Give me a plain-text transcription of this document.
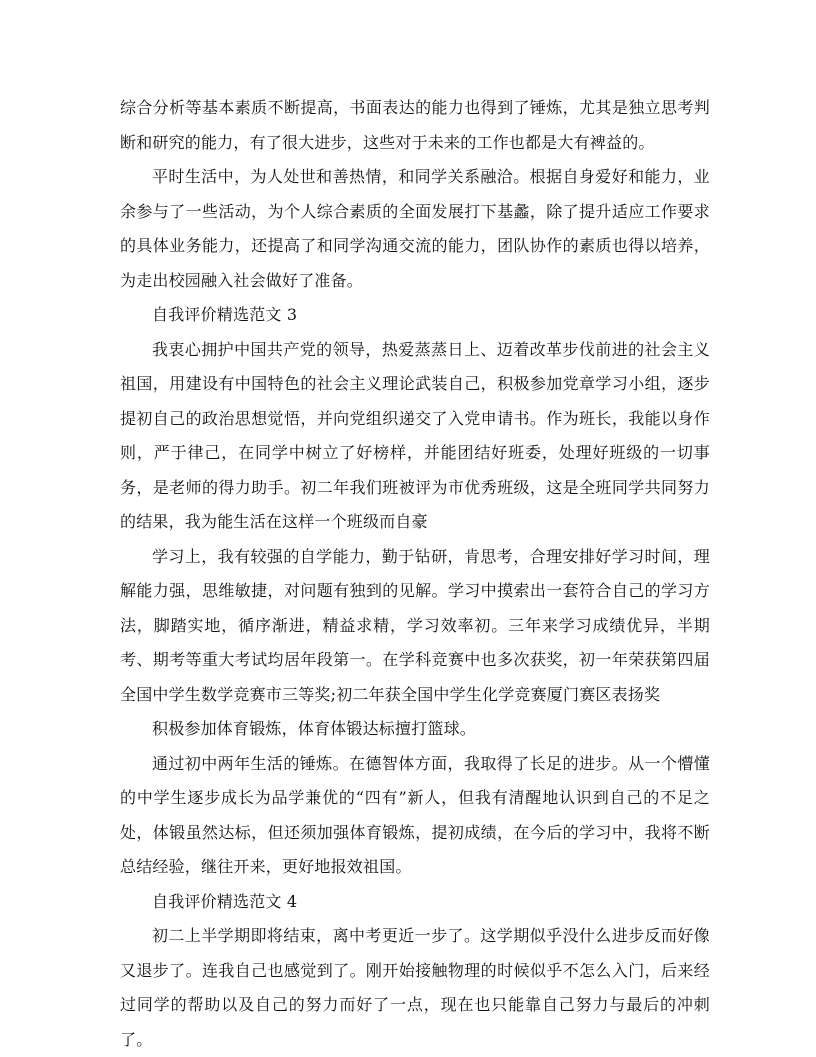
综合分析等基本素质不断提高，书面表达的能力也得到了锤炼，尤其是独立思考判断和研究的能力，有了很大进步，这些对于未来的工作也都是大有裨益的。

平时生活中，为人处世和善热情，和同学关系融洽。根据自身爱好和能力，业余参与了一些活动，为个人综合素质的全面发展打下基蠡，除了提升适应工作要求的具体业务能力，还提高了和同学沟通交流的能力，团队协作的素质也得以培养，为走出校园融入社会做好了准备。

自我评价精选范文 3

我衷心拥护中国共产党的领导，热爱蒸蒸日上、迈着改革步伐前进的社会主义祖国，用建设有中国特色的社会主义理论武装自己，积极参加党章学习小组，逐步提初自己的政治思想觉悟，并向党组织递交了入党申请书。作为班长，我能以身作则，严于律己，在同学中树立了好榜样，并能团结好班委，处理好班级的一切事务，是老师的得力助手。初二年我们班被评为市优秀班级，这是全班同学共同努力的结果，我为能生活在这样一个班级而自豪

学习上，我有较强的自学能力，勤于钻研，肯思考，合理安排好学习时间，理解能力强，思维敏捷，对问题有独到的见解。学习中摸索出一套符合自己的学习方法，脚踏实地，循序渐进，精益求精，学习效率初。三年来学习成绩优异，半期考、期考等重大考试均居年段第一。在学科竞赛中也多次获奖，初一年荣获第四届全国中学生数学竞赛市三等奖;初二年获全国中学生化学竞赛厦门赛区表扬奖

积极参加体育锻炼，体育体锻达标擅打篮球。

通过初中两年生活的锤炼。在德智体方面，我取得了长足的进步。从一个懵懂的中学生逐步成长为品学兼优的“四有”新人，但我有清醒地认识到自己的不足之处，体锻虽然达标，但还须加强体育锻炼，提初成绩，在今后的学习中，我将不断总结经验，继往开来，更好地报效祖国。

自我评价精选范文 4

初二上半学期即将结束，离中考更近一步了。这学期似乎没什么进步反而好像又退步了。连我自己也感觉到了。刚开始接触物理的时候似乎不怎么入门，后来经过同学的帮助以及自己的努力而好了一点，现在也只能靠自己努力与最后的冲刺了。
